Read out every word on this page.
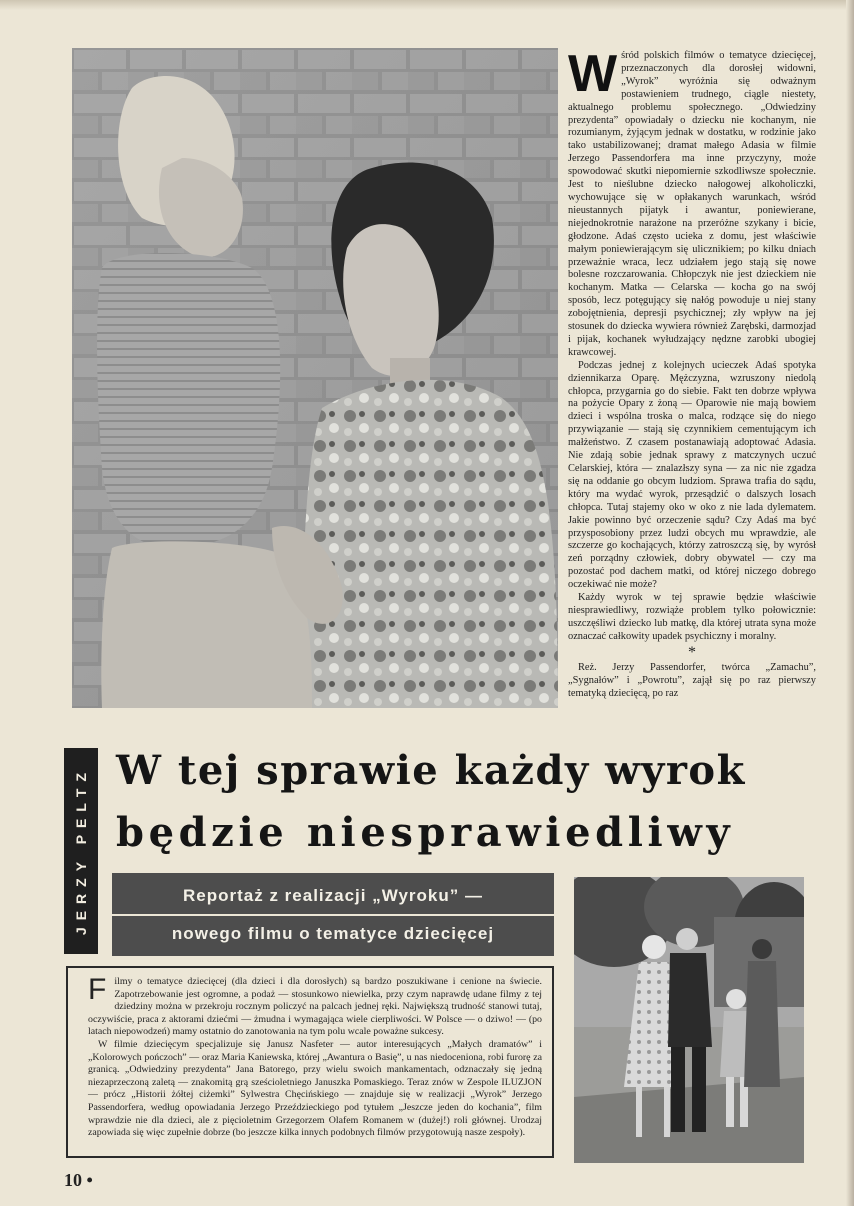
Wśród polskich filmów o tematyce dziecięcej, przeznaczonych dla dorosłej widowni, „Wyrok” wyróżnia się odważnym postawieniem trudnego, ciągle niestety, aktualnego problemu społecznego. „Odwiedziny prezydenta” opowiadały o dziecku nie kochanym, nie rozumianym, żyjącym jednak w dostatku, w rodzinie jako tako ustabilizowanej; dramat małego Adasia w filmie Jerzego Passendorfera ma inne przyczyny, może spowodować skutki niepomiernie szkodliwsze społecznie. Jest to nieślubne dziecko nałogowej alkoholiczki, wychowujące się w opłakanych warunkach, wśród nieustannych pijatyk i awantur, poniewierane, niejednokrotnie narażone na przeróżne szykany i bicie, głodzone. Adaś często ucieka z domu, jest właściwie małym poniewierającym się ulicznikiem; po kilku dniach przeważnie wraca, lecz udziałem jego stają się nowe bolesne rozczarowania. Chłopczyk nie jest dzieckiem nie kochanym. Matka — Celarska — kocha go na swój sposób, lecz potęgujący się nałóg powoduje u niej stany zobojętnienia, depresji psychicznej; zły wpływ na jej stosunek do dziecka wywiera również Zarębski, darmozjad i pijak, kochanek wyłudzający nędzne zarobki ubogiej krawcowej.

Podczas jednej z kolejnych ucieczek Adaś spotyka dziennikarza Oparę. Mężczyzna, wzruszony niedolą chłopca, przygarnia go do siebie. Fakt ten dobrze wpływa na pożycie Opary z żoną — Oparowie nie mają bowiem dzieci i wspólna troska o malca, rodzące się do niego przywiązanie — stają się czynnikiem cementującym ich małżeństwo. Z czasem postanawiają adoptować Adasia. Nie zdają sobie jednak sprawy z matczynych uczuć Celarskiej, która — znalazłszy syna — za nic nie zgadza się na oddanie go obcym ludziom. Sprawa trafia do sądu, który ma wydać wyrok, przesądzić o dalszych losach chłopca. Tutaj stajemy oko w oko z nie lada dylematem. Jakie powinno być orzeczenie sądu? Czy Adaś ma być przysposobiony przez ludzi obcych mu wprawdzie, ale szczerze go kochających, którzy zatroszczą się, by wyrósł zeń porządny człowiek, dobry obywatel — czy ma pozostać pod dachem matki, od której niczego dobrego oczekiwać nie może?

Każdy wyrok w tej sprawie będzie właściwie niesprawiedliwy, rozwiąże problem tylko połowicznie: uszczęśliwi dziecko lub matkę, dla której utrata syna może oznaczać całkowity upadek psychiczny i moralny.

*

Reż. Jerzy Passendorfer, twórca „Zamachu”, „Sygnałów” i „Powrotu”, zajął się po raz pierwszy tematyką dziecięcą, po raz

JERZY PELTZ W tej sprawie każdy wyrok
będzie niesprawiedliwy
Reportaż z realizacji „Wyroku” —
nowego filmu o tematyce dziecięcej

Filmy o tematyce dziecięcej (dla dzieci i dla dorosłych) są bardzo poszukiwane i cenione na świecie. Zapotrzebowanie jest ogromne, a podaż — stosunkowo niewielka, przy czym naprawdę udane filmy z tej dziedziny można w przekroju rocznym policzyć na palcach jednej ręki. Największą trudność stanowi tutaj, oczywiście, praca z aktorami dziećmi — żmudna i wymagająca wiele cierpliwości. W Polsce — o dziwo! — (po latach niepowodzeń) mamy ostatnio do zanotowania na tym polu wcale poważne sukcesy.

W filmie dziecięcym specjalizuje się Janusz Nasfeter — autor interesujących „Małych dramatów” i „Kolorowych pończoch” — oraz Maria Kaniewska, której „Awantura o Basię”, u nas niedoceniona, robi furorę za granicą. „Odwiedziny prezydenta” Jana Batorego, przy wielu swoich mankamentach, odznaczały się jedną niezaprzeczoną zaletą — znakomitą grą sześcioletniego Januszka Pomaskiego. Teraz znów w Zespole ILUZJON — prócz „Historii żółtej ciżemki” Sylwestra Chęcińskiego — znajduje się w realizacji „Wyrok” Jerzego Passendorfera, według opowiadania Jerzego Przeździeckiego pod tytułem „Jeszcze jeden do kochania”, film wprawdzie nie dla dzieci, ale z pięcioletnim Grzegorzem Olafem Romanem w (dużej!) roli głównej. Urodzaj zapowiada się więc zupełnie dobrze (bo jeszcze kilka innych podobnych filmów przygotowują nasze zespoły).

10 •
